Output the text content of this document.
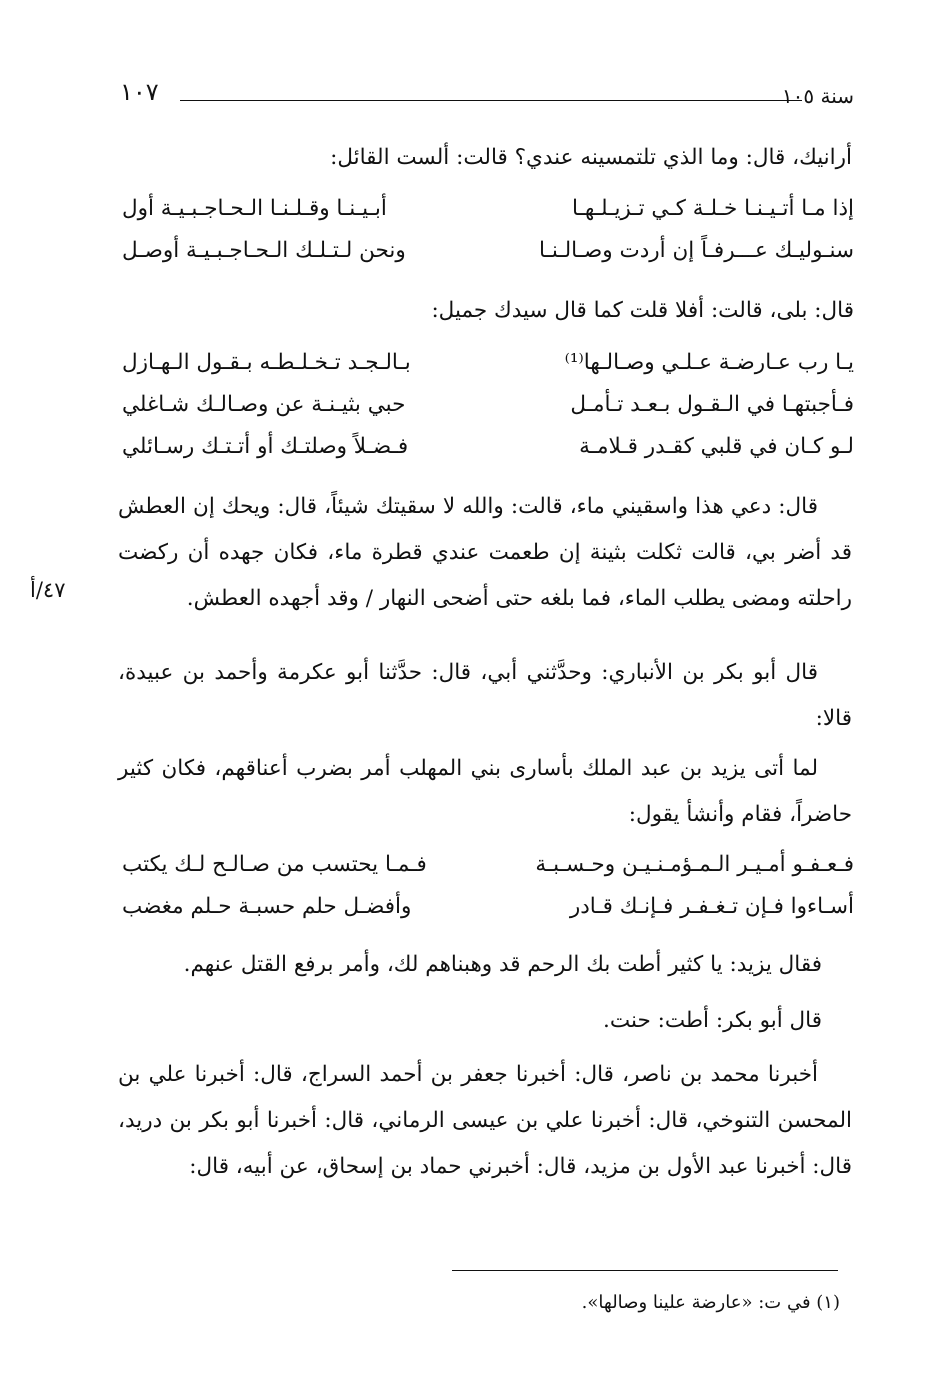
سنة ١٠٥
١٠٧
أرانيك، قال: وما الذي تلتمسينه عندي؟ قالت: ألست القائل:
إذا مـا أتـيـنـا خـلـة كـي تـزيـلـهـا
أبـيـنـا وقـلـنـا الـحـاجـبـيـة أول
سنـوليـك عـــرفـاً إن أردت وصـالـنـا
ونحن لـتـلـك الـحـاجـبـيـة أوصـل
قال: بلى، قالت: أفلا قلت كما قال سيدك جميل:
يـا رب عـارضـة عـلـي وصـالـها⁽¹⁾
بـالـجـد تـخـلـطـه بـقـول الـهـازل
فـأجبتهـا في الـقـول بـعـد تـأمـل
حبي بثيـنـة عن وصـالـك شـاغلي
لـو كـان في قلبي كقـدر قـلامـة
فـضـلاً وصلتـك أو أتـتـك رسـائلي
قال: دعي هذا واسقيني ماء، قالت: والله لا سقيتك شيئاً، قال: ويحك إن العطش قد أضر بي، قالت ثكلت بثينة إن طعمت عندي قطرة ماء، فكان جهده أن ركضت راحلته ومضى يطلب الماء، فما بلغه حتى أضحى النهار / وقد أجهده العطش.
٤٧/أ
قال أبو بكر بن الأنباري: وحدَّثني أبي، قال: حدَّثنا أبو عكرمة وأحمد بن عبيدة، قالا:
لما أتى يزيد بن عبد الملك بأسارى بني المهلب أمر بضرب أعناقهم، فكان كثير حاضراً، فقام وأنشأ يقول:
فـعـفـو أمـيـر الـمـؤمـنـيـن وحـسـبـة
فـمـا يحتسب من صـالـح لـك يكتب
أسـاءوا فـإن تـغـفـر فـإنـك قـادر
وأفضـل حلم حسبـة حـلم مغضب
فقال يزيد: يا كثير أطت بك الرحم قد وهبناهم لك، وأمر برفع القتل عنهم.
قال أبو بكر: أطت: حنت.
أخبرنا محمد بن ناصر، قال: أخبرنا جعفر بن أحمد السراج، قال: أخبرنا علي بن المحسن التنوخي، قال: أخبرنا علي بن عيسى الرماني، قال: أخبرنا أبو بكر بن دريد، قال: أخبرنا عبد الأول بن مزيد، قال: أخبرني حماد بن إسحاق، عن أبيه، قال:
(١) في ت: «عارضة علينا وصالها».
